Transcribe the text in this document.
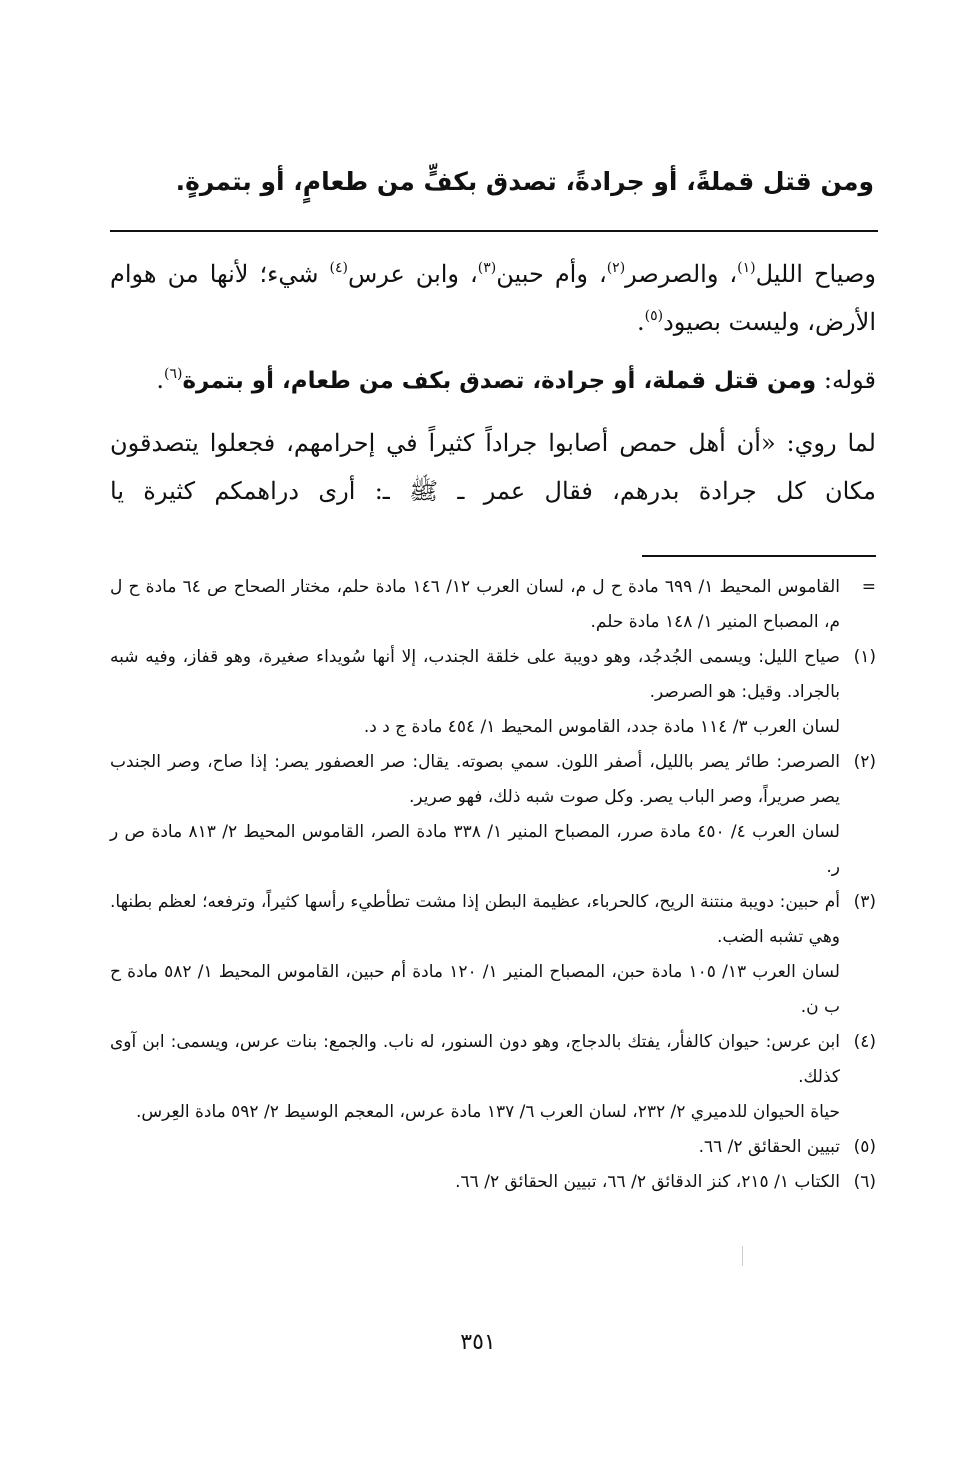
ومن قتل قملةً، أو جرادةً، تصدق بكفٍّ من طعامٍ، أو بتمرةٍ.

وصياح الليل$^{(١)}$، والصرصر$^{(٢)}$، وأم حبين$^{(٣)}$، وابن عرس$^{(٤)}$ شيء؛ لأنها من هوام الأرض، وليست بصيود$^{(٥)}$.

قوله: ومن قتل قملة، أو جرادة، تصدق بكف من طعام، أو بتمرة$^{(٦)}$.

لما روي: «أن أهل حمص أصابوا جراداً كثيراً في إحرامهم، فجعلوا يتصدقون مكان كل جرادة بدرهم، فقال عمر ـ ﷺ ـ: أرى دراهمكم كثيرة يا

=
القاموس المحيط ١/ ٦٩٩ مادة ح ل م، لسان العرب ١٢/ ١٤٦ مادة حلم، مختار الصحاح ص ٦٤ مادة ح ل م، المصباح المنير ١/ ١٤٨ مادة حلم.
(١)
صياح الليل: ويسمى الجُدجُد، وهو دويبة على خلقة الجندب، إلا أنها سُويداء صغيرة، وهو قفاز، وفيه شبه بالجراد. وقيل: هو الصرصر.
لسان العرب ٣/ ١١٤ مادة جدد، القاموس المحيط ١/ ٤٥٤ مادة ج د د.
(٢)
الصرصر: طائر يصر بالليل، أصفر اللون. سمي بصوته. يقال: صر العصفور يصر: إذا صاح، وصر الجندب يصر صريراً، وصر الباب يصر. وكل صوت شبه ذلك، فهو صرير.
لسان العرب ٤/ ٤٥٠ مادة صرر، المصباح المنير ١/ ٣٣٨ مادة الصر، القاموس المحيط ٢/ ٨١٣ مادة ص ر ر.
(٣)
أم حبين: دويبة منتنة الريح، كالحرباء، عظيمة البطن إذا مشت تطأطيء رأسها كثيراً، وترفعه؛ لعظم بطنها. وهي تشبه الضب.
لسان العرب ١٣/ ١٠٥ مادة حبن، المصباح المنير ١/ ١٢٠ مادة أم حبين، القاموس المحيط ١/ ٥٨٢ مادة ح ب ن.
(٤)
ابن عرس: حيوان كالفأر، يفتك بالدجاج، وهو دون السنور، له ناب. والجمع: بنات عرس، ويسمى: ابن آوى كذلك.
حياة الحيوان للدميري ٢/ ٢٣٢، لسان العرب ٦/ ١٣٧ مادة عرس، المعجم الوسيط ٢/ ٥٩٢ مادة العِرس.
(٥)
تبيين الحقائق ٢/ ٦٦.
(٦)
الكتاب ١/ ٢١٥، كنز الدقائق ٢/ ٦٦، تبيين الحقائق ٢/ ٦٦.
٣٥١
